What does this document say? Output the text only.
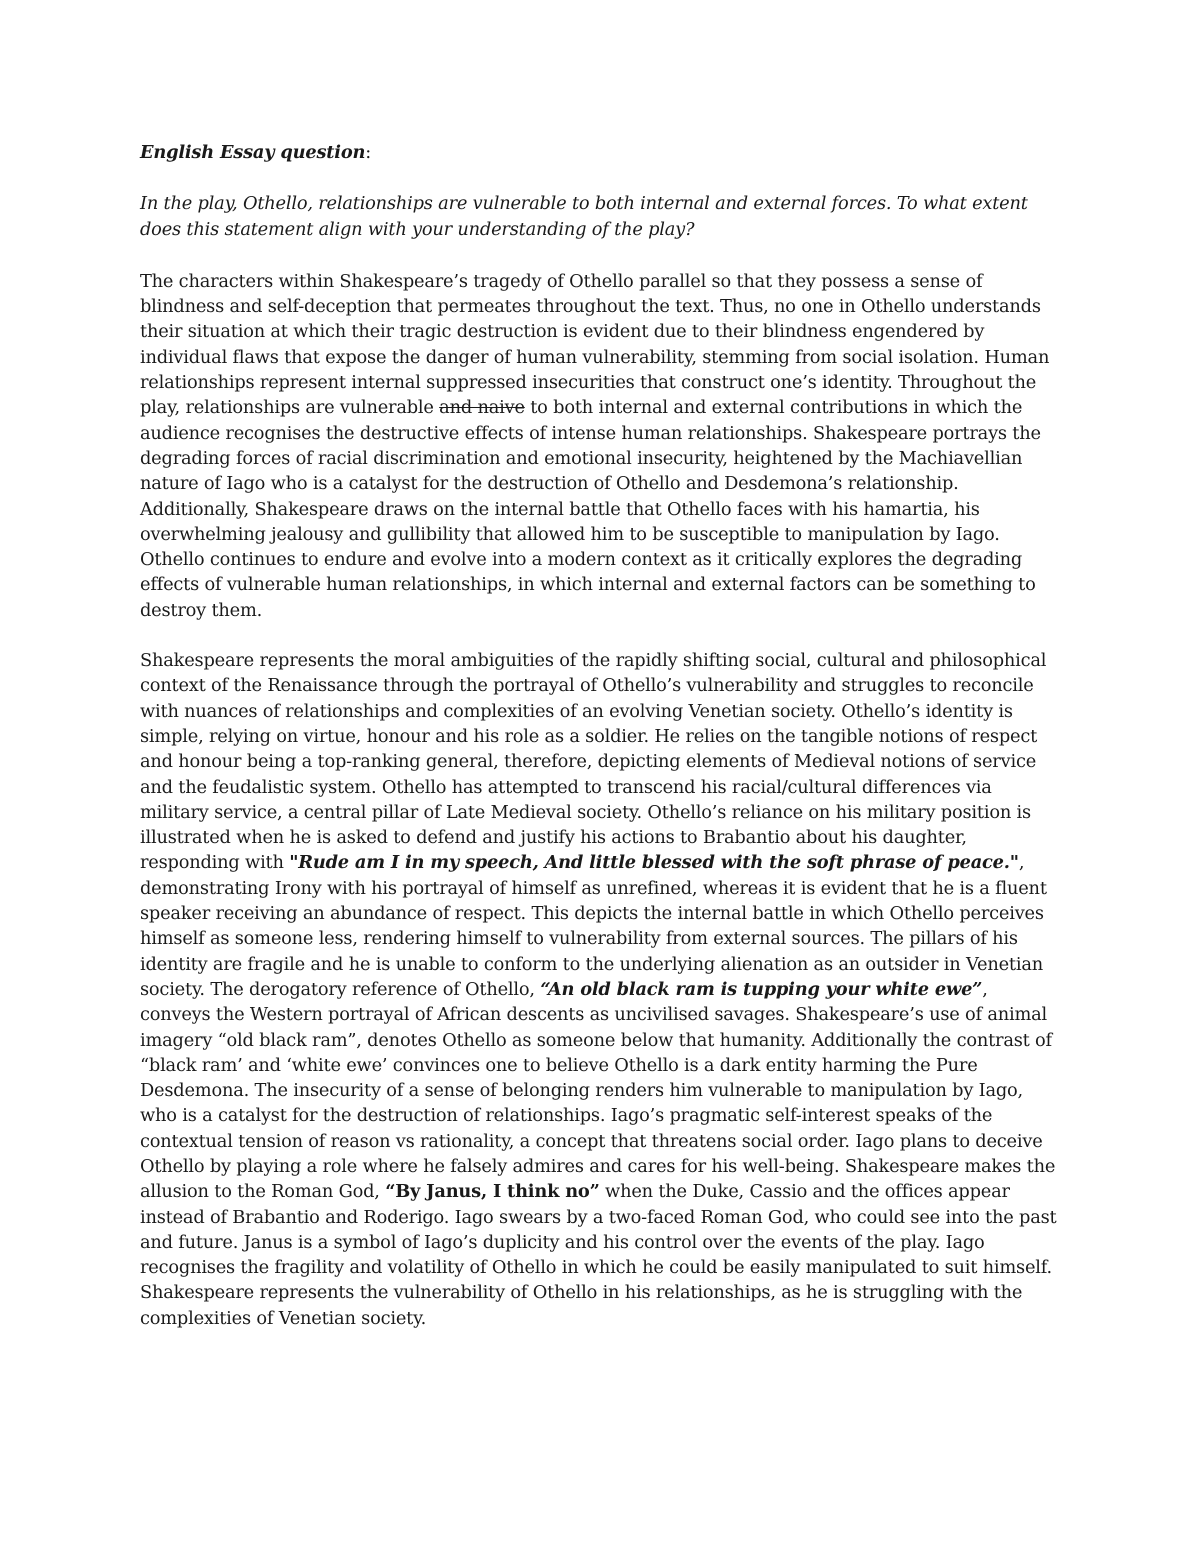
English Essay question:

In the play, Othello, relationships are vulnerable to both internal and external forces. To what extent does this statement align with your understanding of the play?

The characters within Shakespeare’s tragedy of Othello parallel so that they possess a sense of blindness and self-deception that permeates throughout the text. Thus, no one in Othello understands their situation at which their tragic destruction is evident due to their blindness engendered by individual flaws that expose the danger of human vulnerability, stemming from social isolation. Human relationships represent internal suppressed insecurities that construct one’s identity. Throughout the play, relationships are vulnerable and naive to both internal and external contributions in which the audience recognises the destructive effects of intense human relationships. Shakespeare portrays the degrading forces of racial discrimination and emotional insecurity, heightened by the Machiavellian nature of Iago who is a catalyst for the destruction of Othello and Desdemona’s relationship. Additionally, Shakespeare draws on the internal battle that Othello faces with his hamartia, his overwhelming jealousy and gullibility that allowed him to be susceptible to manipulation by Iago. Othello continues to endure and evolve into a modern context as it critically explores the degrading effects of vulnerable human relationships, in which internal and external factors can be something to destroy them.

Shakespeare represents the moral ambiguities of the rapidly shifting social, cultural and philosophical context of the Renaissance through the portrayal of Othello’s vulnerability and struggles to reconcile with nuances of relationships and complexities of an evolving Venetian society. Othello’s identity is simple, relying on virtue, honour and his role as a soldier. He relies on the tangible notions of respect and honour being a top-ranking general, therefore, depicting elements of Medieval notions of service and the feudalistic system. Othello has attempted to transcend his racial/cultural differences via military service, a central pillar of Late Medieval society. Othello’s reliance on his military position is illustrated when he is asked to defend and justify his actions to Brabantio about his daughter, responding with "Rude am I in my speech, And little blessed with the soft phrase of peace.", demonstrating Irony with his portrayal of himself as unrefined, whereas it is evident that he is a fluent speaker receiving an abundance of respect. This depicts the internal battle in which Othello perceives himself as someone less, rendering himself to vulnerability from external sources. The pillars of his identity are fragile and he is unable to conform to the underlying alienation as an outsider in Venetian society. The derogatory reference of Othello, “An old black ram is tupping your white ewe”, conveys the Western portrayal of African descents as uncivilised savages. Shakespeare’s use of animal imagery “old black ram”, denotes Othello as someone below that humanity. Additionally the contrast of “black ram’ and ‘white ewe’ convinces one to believe Othello is a dark entity harming the Pure Desdemona. The insecurity of a sense of belonging renders him vulnerable to manipulation by Iago, who is a catalyst for the destruction of relationships. Iago’s pragmatic self-interest speaks of the contextual tension of reason vs rationality, a concept that threatens social order. Iago plans to deceive Othello by playing a role where he falsely admires and cares for his well-being. Shakespeare makes the allusion to the Roman God, “By Janus, I think no” when the Duke, Cassio and the offices appear instead of Brabantio and Roderigo. Iago swears by a two-faced Roman God, who could see into the past and future. Janus is a symbol of Iago’s duplicity and his control over the events of the play. Iago recognises the fragility and volatility of Othello in which he could be easily manipulated to suit himself. Shakespeare represents the vulnerability of Othello in his relationships, as he is struggling with the complexities of Venetian society.
